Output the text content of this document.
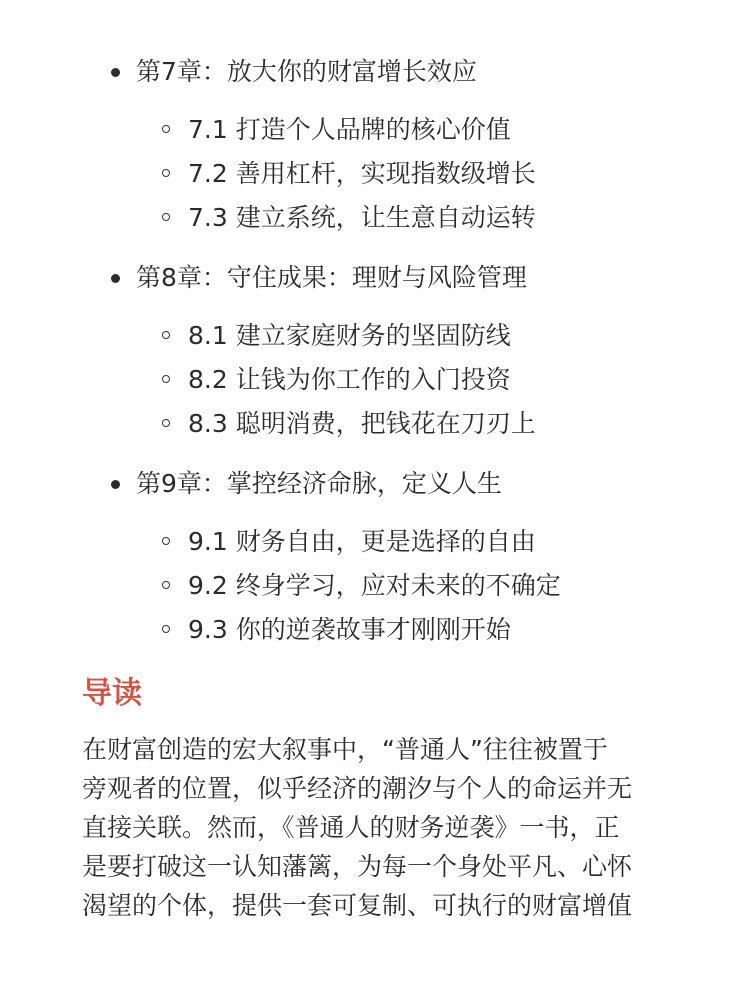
第7章：放大你的财富增长效应
7.1 打造个人品牌的核心价值
7.2 善用杠杆，实现指数级增长
7.3 建立系统，让生意自动运转
第8章：守住成果：理财与风险管理
8.1 建立家庭财务的坚固防线
8.2 让钱为你工作的入门投资
8.3 聪明消费，把钱花在刀刃上
第9章：掌控经济命脉，定义人生
9.1 财务自由，更是选择的自由
9.2 终身学习，应对未来的不确定
9.3 你的逆袭故事才刚刚开始
导读

在财富创造的宏大叙事中，“普通人”往往被置于
旁观者的位置，似乎经济的潮汐与个人的命运并无
直接关联。然而，《普通人的财务逆袭》一书，正
是要打破这一认知藩篱，为每一个身处平凡、心怀
渴望的个体，提供一套可复制、可执行的财富增值
